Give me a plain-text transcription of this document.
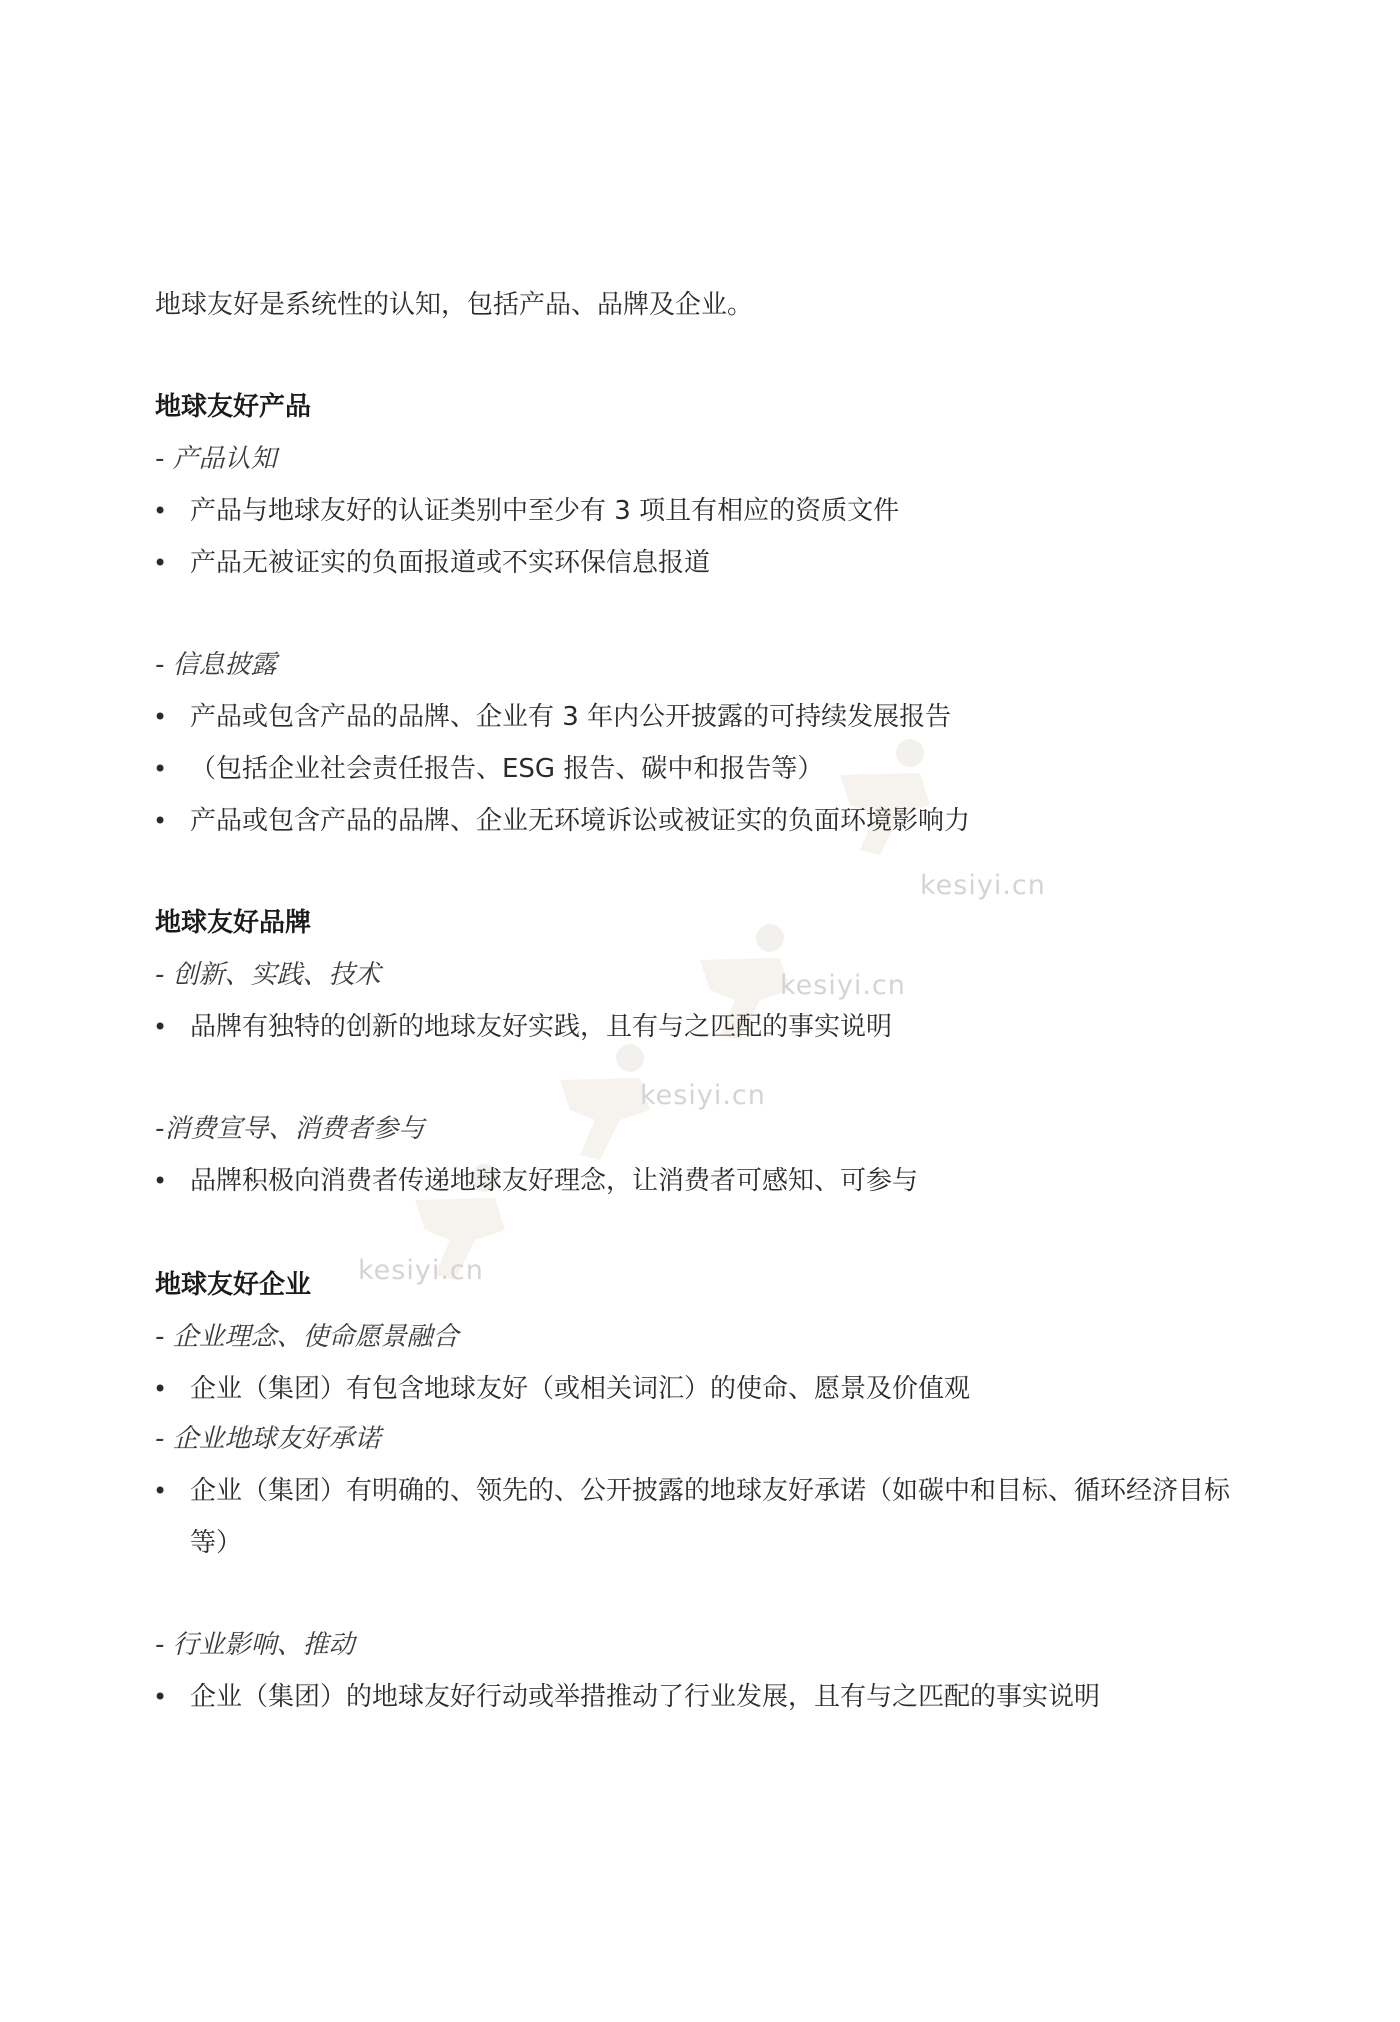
kesiyi.cn
kesiyi.cn
kesiyi.cn
kesiyi.cn
地球友好是系统性的认知，包括产品、品牌及企业。
地球友好产品
- 产品认知
• 产品与地球友好的认证类别中至少有 3 项且有相应的资质文件
• 产品无被证实的负面报道或不实环保信息报道
- 信息披露
• 产品或包含产品的品牌、企业有 3 年内公开披露的可持续发展报告
• （包括企业社会责任报告、ESG 报告、碳中和报告等）
• 产品或包含产品的品牌、企业无环境诉讼或被证实的负面环境影响力
地球友好品牌
- 创新、实践、技术
• 品牌有独特的创新的地球友好实践，且有与之匹配的事实说明
-消费宣导、消费者参与
• 品牌积极向消费者传递地球友好理念，让消费者可感知、可参与
地球友好企业
- 企业理念、使命愿景融合
• 企业（集团）有包含地球友好（或相关词汇）的使命、愿景及价值观
- 企业地球友好承诺
• 企业（集团）有明确的、领先的、公开披露的地球友好承诺（如碳中和目标、循环经济目标等）
- 行业影响、推动
• 企业（集团）的地球友好行动或举措推动了行业发展，且有与之匹配的事实说明
